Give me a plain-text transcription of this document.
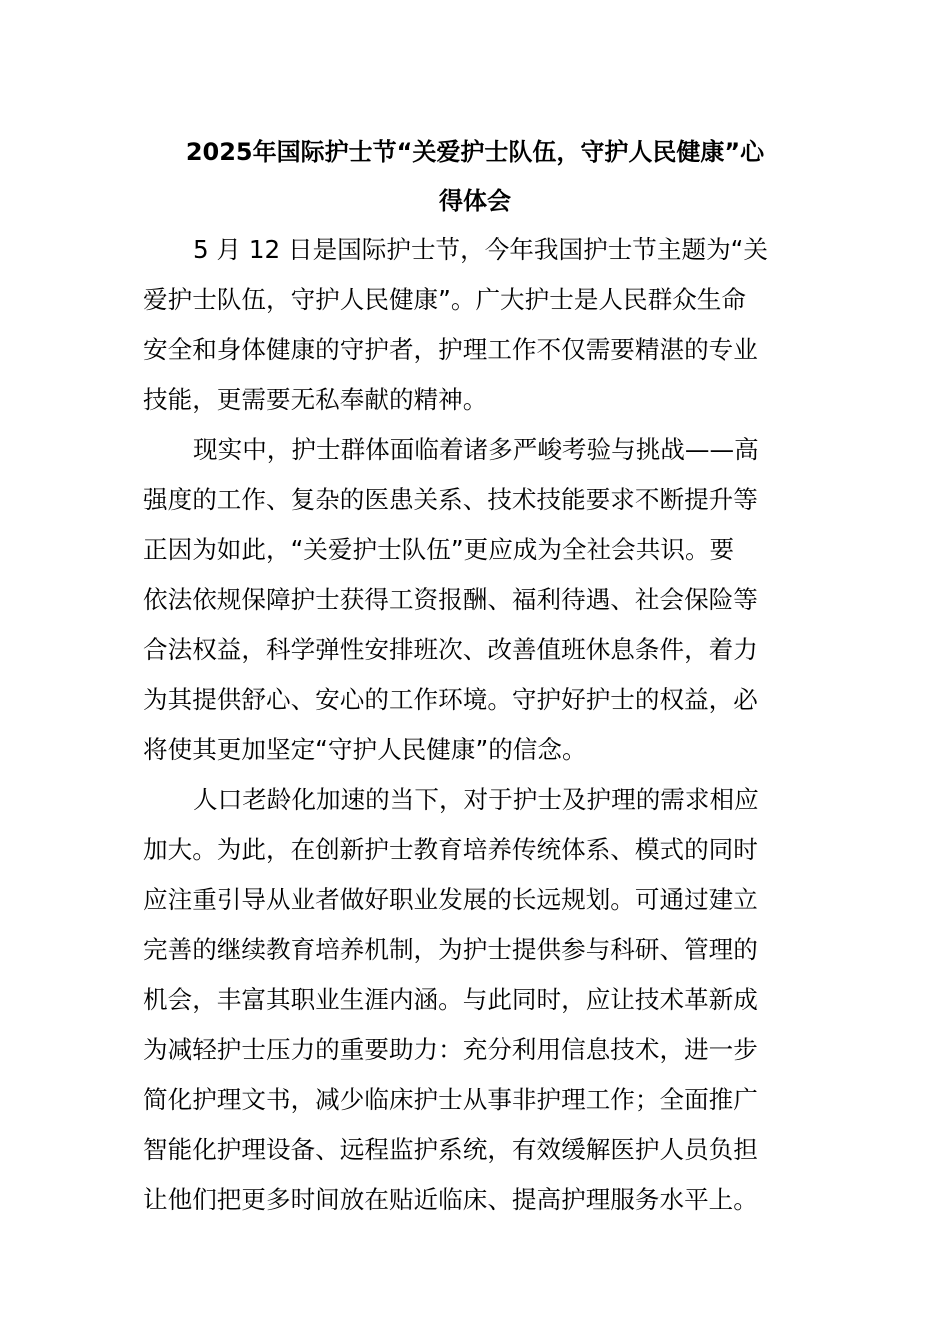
2025年国际护士节“关爱护士队伍，守护人民健康”心
得体会
5 月 12 日是国际护士节，今年我国护士节主题为“关
爱护士队伍，守护人民健康”。广大护士是人民群众生命
安全和身体健康的守护者，护理工作不仅需要精湛的专业
技能，更需要无私奉献的精神。
现实中，护士群体面临着诸多严峻考验与挑战——高
强度的工作、复杂的医患关系、技术技能要求不断提升等
正因为如此，“关爱护士队伍”更应成为全社会共识。要
依法依规保障护士获得工资报酬、福利待遇、社会保险等
合法权益，科学弹性安排班次、改善值班休息条件，着力
为其提供舒心、安心的工作环境。守护好护士的权益，必
将使其更加坚定“守护人民健康”的信念。
人口老龄化加速的当下，对于护士及护理的需求相应
加大。为此，在创新护士教育培养传统体系、模式的同时
应注重引导从业者做好职业发展的长远规划。可通过建立
完善的继续教育培养机制，为护士提供参与科研、管理的
机会，丰富其职业生涯内涵。与此同时，应让技术革新成
为减轻护士压力的重要助力：充分利用信息技术，进一步
简化护理文书，减少临床护士从事非护理工作；全面推广
智能化护理设备、远程监护系统，有效缓解医护人员负担
让他们把更多时间放在贴近临床、提高护理服务水平上。
